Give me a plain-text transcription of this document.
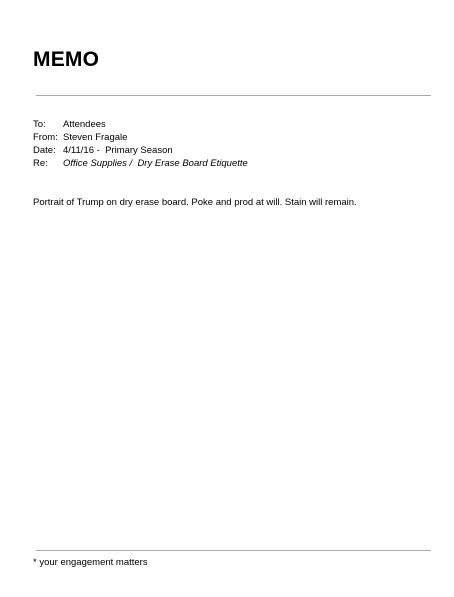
MEMO
To:	Attendees
From: Steven Fragale
Date: 4/11/16 -  Primary Season
Re:	Office Supplies /  Dry Erase Board Etiquette

Portrait of Trump on dry erase board. Poke and prod at will. Stain will remain.

* your engagement matters
